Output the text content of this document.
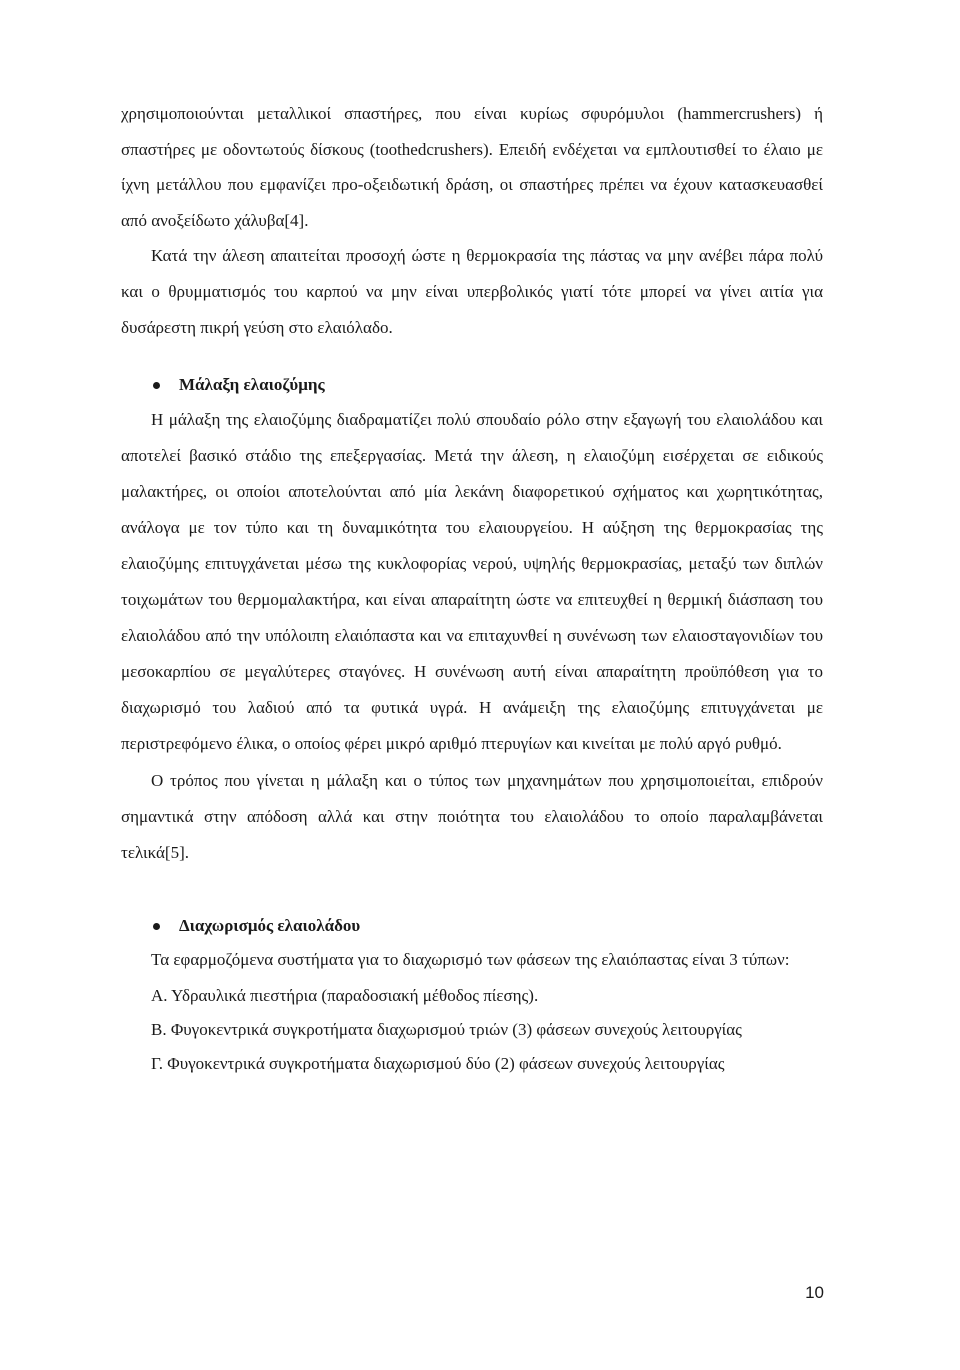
χρησιμοποιούνται μεταλλικοί σπαστήρες, που είναι κυρίως σφυρόμυλοι (hammercrushers) ή σπαστήρες με οδοντωτούς δίσκους (toothedcrushers). Επειδή ενδέχεται να εμπλουτισθεί το έλαιο με ίχνη μετάλλου που εμφανίζει προ-οξειδωτική δράση, οι σπαστήρες πρέπει να έχουν κατασκευασθεί από ανοξείδωτο χάλυβα[4].

Κατά την άλεση απαιτείται προσοχή ώστε η θερμοκρασία της πάστας να μην ανέβει πάρα πολύ και ο θρυμματισμός του καρπού να μην είναι υπερβολικός γιατί τότε μπορεί να γίνει αιτία για δυσάρεστη πικρή γεύση στο ελαιόλαδο.

Μάλαξη ελαιοζύμης

Η μάλαξη της ελαιοζύμης διαδραματίζει πολύ σπουδαίο ρόλο στην εξαγωγή του ελαιολάδου και αποτελεί βασικό στάδιο της επεξεργασίας. Μετά την άλεση, η ελαιοζύμη εισέρχεται σε ειδικούς μαλακτήρες, οι οποίοι αποτελούνται από μία λεκάνη διαφορετικού σχήματος και χωρητικότητας, ανάλογα με τον τύπο και τη δυναμικότητα του ελαιουργείου. Η αύξηση της θερμοκρασίας της ελαιοζύμης επιτυγχάνεται μέσω της κυκλοφορίας νερού, υψηλής θερμοκρασίας, μεταξύ των διπλών τοιχωμάτων του θερμομαλακτήρα, και είναι απαραίτητη ώστε να επιτευχθεί η θερμική διάσπαση του ελαιολάδου από την υπόλοιπη ελαιόπαστα και να επιταχυνθεί η συνένωση των ελαιοσταγονιδίων του μεσοκαρπίου σε μεγαλύτερες σταγόνες. Η συνένωση αυτή είναι απαραίτητη προϋπόθεση για το διαχωρισμό του λαδιού από τα φυτικά υγρά. Η ανάμειξη της ελαιοζύμης επιτυγχάνεται με περιστρεφόμενο έλικα, ο οποίος φέρει μικρό αριθμό πτερυγίων και κινείται με πολύ αργό ρυθμό.

Ο τρόπος που γίνεται η μάλαξη και ο τύπος των μηχανημάτων που χρησιμοποιείται, επιδρούν σημαντικά στην απόδοση αλλά και στην ποιότητα του ελαιολάδου το οποίο παραλαμβάνεται τελικά[5].

Διαχωρισμός ελαιολάδου

Τα εφαρμοζόμενα συστήματα για το διαχωρισμό των φάσεων της ελαιόπαστας είναι 3 τύπων:

Α. Υδραυλικά πιεστήρια (παραδοσιακή μέθοδος πίεσης).

Β. Φυγοκεντρικά συγκροτήματα διαχωρισμού τριών (3) φάσεων συνεχούς λειτουργίας

Γ. Φυγοκεντρικά συγκροτήματα διαχωρισμού δύο (2) φάσεων συνεχούς λειτουργίας

10
